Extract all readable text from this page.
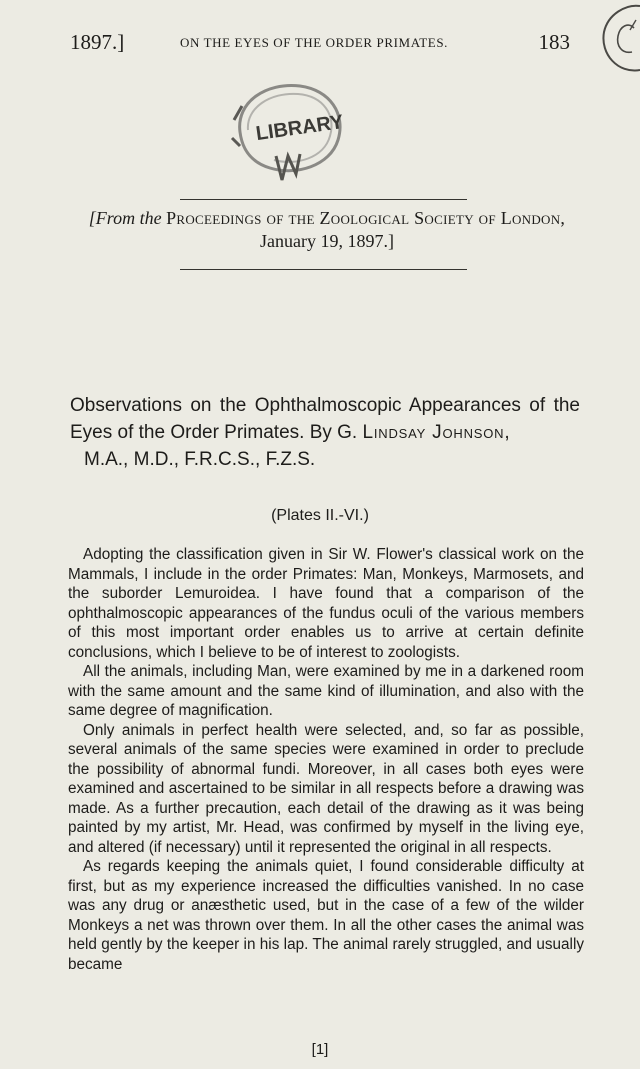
1897.]	ON THE EYES OF THE ORDER PRIMATES.	183
LIBRARY
[From the Proceedings of the Zoological Society of London,
January 19, 1897.]
Observations on the Ophthalmoscopic Appearances of the Eyes of the Order Primates. By G. Lindsay Johnson,
M.A., M.D., F.R.C.S., F.Z.S.
(Plates II.-VI.)

Adopting the classification given in Sir W. Flower's classical work on the Mammals, I include in the order Primates: Man, Monkeys, Marmosets, and the suborder Lemuroidea. I have found that a comparison of the ophthalmoscopic appearances of the fundus oculi of the various members of this most important order enables us to arrive at certain definite conclusions, which I believe to be of interest to zoologists.

All the animals, including Man, were examined by me in a darkened room with the same amount and the same kind of illumination, and also with the same degree of magnification.

Only animals in perfect health were selected, and, so far as possible, several animals of the same species were examined in order to preclude the possibility of abnormal fundi. Moreover, in all cases both eyes were examined and ascertained to be similar in all respects before a drawing was made. As a further precaution, each detail of the drawing as it was being painted by my artist, Mr. Head, was confirmed by myself in the living eye, and altered (if necessary) until it represented the original in all respects.

As regards keeping the animals quiet, I found considerable difficulty at first, but as my experience increased the difficulties vanished. In no case was any drug or anæsthetic used, but in the case of a few of the wilder Monkeys a net was thrown over them. In all the other cases the animal was held gently by the keeper in his lap. The animal rarely struggled, and usually became

[1]
